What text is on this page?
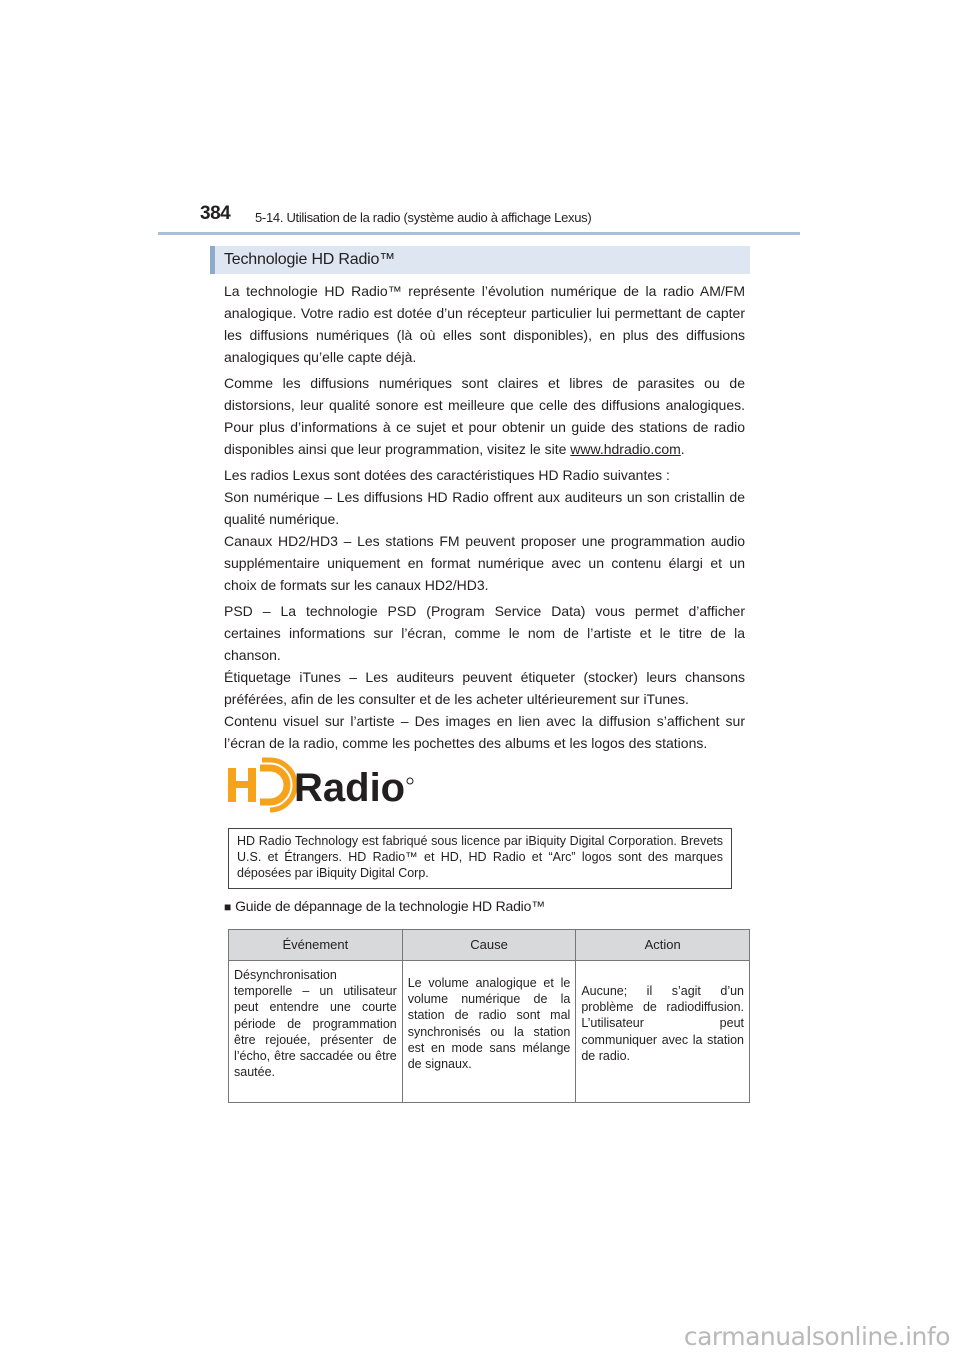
384 5-14. Utilisation de la radio (système audio à affichage Lexus)
Technologie HD Radio™

La technologie HD Radio™ représente l’évolution numérique de la radio AM/FM analogique. Votre radio est dotée d’un récepteur particulier lui permettant de capter les diffusions numériques (là où elles sont disponibles), en plus des diffusions analogiques qu’elle capte déjà.

Comme les diffusions numériques sont claires et libres de parasites ou de distorsions, leur qualité sonore est meilleure que celle des diffusions analogiques. Pour plus d’informations à ce sujet et pour obtenir un guide des stations de radio disponibles ainsi que leur programmation, visitez le site www.hdradio.com.

Les radios Lexus sont dotées des caractéristiques HD Radio suivantes :

Son numérique – Les diffusions HD Radio offrent aux auditeurs un son cristallin de qualité numérique.

Canaux HD2/HD3 – Les stations FM peuvent proposer une programmation audio supplémentaire uniquement en format numérique avec un contenu élargi et un choix de formats sur les canaux HD2/HD3.

PSD – La technologie PSD (Program Service Data) vous permet d’afficher certaines informations sur l’écran, comme le nom de l’artiste et le titre de la chanson.

Étiquetage iTunes – Les auditeurs peuvent étiqueter (stocker) leurs chansons préférées, afin de les consulter et de les acheter ultérieurement sur iTunes.

Contenu visuel sur l’artiste – Des images en lien avec la diffusion s’affichent sur l’écran de la radio, comme les pochettes des albums et les logos des stations.

Radio
HD Radio Technology est fabriqué sous licence par iBiquity Digital Corporation. Brevets U.S. et Étrangers. HD Radio™ et HD, HD Radio et “Arc” logos sont des marques déposées par iBiquity Digital Corp.
■ Guide de dépannage de la technologie HD Radio™
Événement	Cause	Action
Désynchronisation temporelle – un utilisateur peut entendre une courte période de programmation être rejouée, présenter de l’écho, être saccadée ou être sautée.	Le volume analogique et le volume numérique de la station de radio sont mal synchronisés ou la station est en mode sans mélange de signaux.	Aucune; il s’agit d’un problème de radiodiffusion. L’utilisateur peut communiquer avec la station de radio.
carmanualsonline.info
